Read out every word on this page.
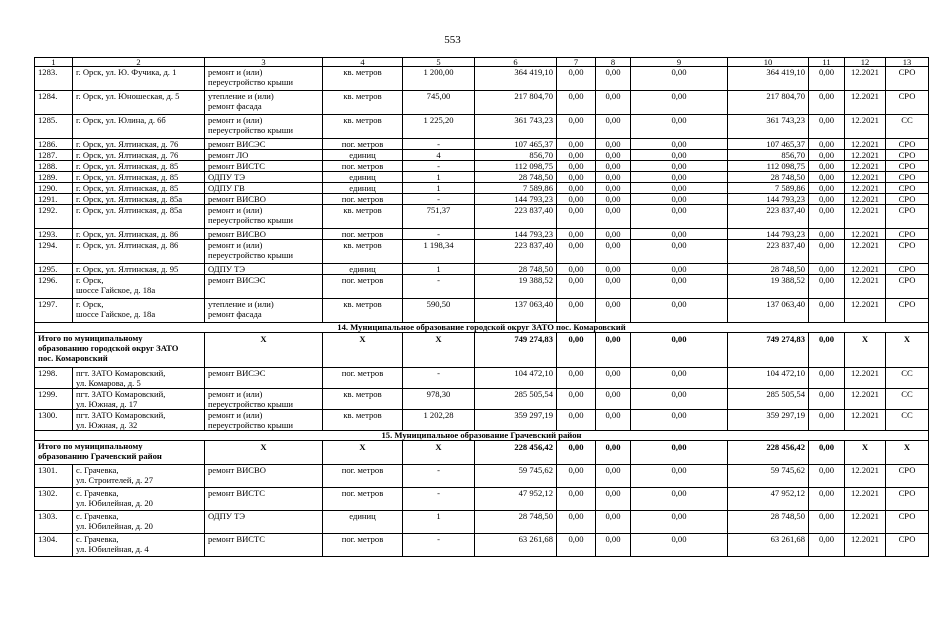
553
1	2	3	4	5	6	7	8	9	10	11	12	13
1283.	г. Орск, ул. Ю. Фучика, д. 1	ремонт и (или)
переустройство крыши	кв. метров	1 200,00	364 419,10	0,00	0,00	0,00	364 419,10	0,00	12.2021	СРО
1284.	г. Орск, ул. Юношеская, д. 5	утепление и (или)
ремонт фасада	кв. метров	745,00	217 804,70	0,00	0,00	0,00	217 804,70	0,00	12.2021	СРО
1285.	г. Орск, ул. Юлина, д. 6б	ремонт и (или)
переустройство крыши	кв. метров	1 225,20	361 743,23	0,00	0,00	0,00	361 743,23	0,00	12.2021	СС
1286.	г. Орск, ул. Ялтинская, д. 76	ремонт ВИСЭС	пог. метров	-	107 465,37	0,00	0,00	0,00	107 465,37	0,00	12.2021	СРО
1287.	г. Орск, ул. Ялтинская, д. 76	ремонт ЛО	единиц	4	856,70	0,00	0,00	0,00	856,70	0,00	12.2021	СРО
1288.	г. Орск, ул. Ялтинская, д. 85	ремонт ВИСТС	пог. метров	-	112 098,75	0,00	0,00	0,00	112 098,75	0,00	12.2021	СРО
1289.	г. Орск, ул. Ялтинская, д. 85	ОДПУ ТЭ	единиц	1	28 748,50	0,00	0,00	0,00	28 748,50	0,00	12.2021	СРО
1290.	г. Орск, ул. Ялтинская, д. 85	ОДПУ ГВ	единиц	1	7 589,86	0,00	0,00	0,00	7 589,86	0,00	12.2021	СРО
1291.	г. Орск, ул. Ялтинская, д. 85а	ремонт ВИСВО	пог. метров	-	144 793,23	0,00	0,00	0,00	144 793,23	0,00	12.2021	СРО
1292.	г. Орск, ул. Ялтинская, д. 85а	ремонт и (или)
переустройство крыши	кв. метров	751,37	223 837,40	0,00	0,00	0,00	223 837,40	0,00	12.2021	СРО
1293.	г. Орск, ул. Ялтинская, д. 86	ремонт ВИСВО	пог. метров	-	144 793,23	0,00	0,00	0,00	144 793,23	0,00	12.2021	СРО
1294.	г. Орск, ул. Ялтинская, д. 86	ремонт и (или)
переустройство крыши	кв. метров	1 198,34	223 837,40	0,00	0,00	0,00	223 837,40	0,00	12.2021	СРО
1295.	г. Орск, ул. Ялтинская, д. 95	ОДПУ ТЭ	единиц	1	28 748,50	0,00	0,00	0,00	28 748,50	0,00	12.2021	СРО
1296.	г. Орск,
шоссе Гайское, д. 18а	ремонт ВИСЭС	пог. метров	-	19 388,52	0,00	0,00	0,00	19 388,52	0,00	12.2021	СРО
1297.	г. Орск,
шоссе Гайское, д. 18а	утепление и (или)
ремонт фасада	кв. метров	590,50	137 063,40	0,00	0,00	0,00	137 063,40	0,00	12.2021	СРО
14. Муниципальное образование городской округ ЗАТО пос. Комаровский												
Итого по муниципальному
образованию городской округ ЗАТО
пос. Комаровский		X	X	X	749 274,83	0,00	0,00	0,00	749 274,83	0,00	X	X
1298.	пгт. ЗАТО Комаровский,
ул. Комарова, д. 5	ремонт ВИСЭС	пог. метров	-	104 472,10	0,00	0,00	0,00	104 472,10	0,00	12.2021	СС
1299.	пгт. ЗАТО Комаровский,
ул. Южная, д. 17	ремонт и (или)
переустройство крыши	кв. метров	978,30	285 505,54	0,00	0,00	0,00	285 505,54	0,00	12.2021	СС
1300.	пгт. ЗАТО Комаровский,
ул. Южная, д. 32	ремонт и (или)
переустройство крыши	кв. метров	1 202,28	359 297,19	0,00	0,00	0,00	359 297,19	0,00	12.2021	СС
15. Муниципальное образование Грачевский район												
Итого по муниципальному
образованию Грачевский район		X	X	X	228 456,42	0,00	0,00	0,00	228 456,42	0,00	X	X
1301.	с. Грачевка,
ул. Строителей, д. 27	ремонт ВИСВО	пог. метров	-	59 745,62	0,00	0,00	0,00	59 745,62	0,00	12.2021	СРО
1302.	с. Грачевка,
ул. Юбилейная, д. 20	ремонт ВИСТС	пог. метров	-	47 952,12	0,00	0,00	0,00	47 952,12	0,00	12.2021	СРО
1303.	с. Грачевка,
ул. Юбилейная, д. 20	ОДПУ ТЭ	единиц	1	28 748,50	0,00	0,00	0,00	28 748,50	0,00	12.2021	СРО
1304.	с. Грачевка,
ул. Юбилейная, д. 4	ремонт ВИСТС	пог. метров	-	63 261,68	0,00	0,00	0,00	63 261,68	0,00	12.2021	СРО
